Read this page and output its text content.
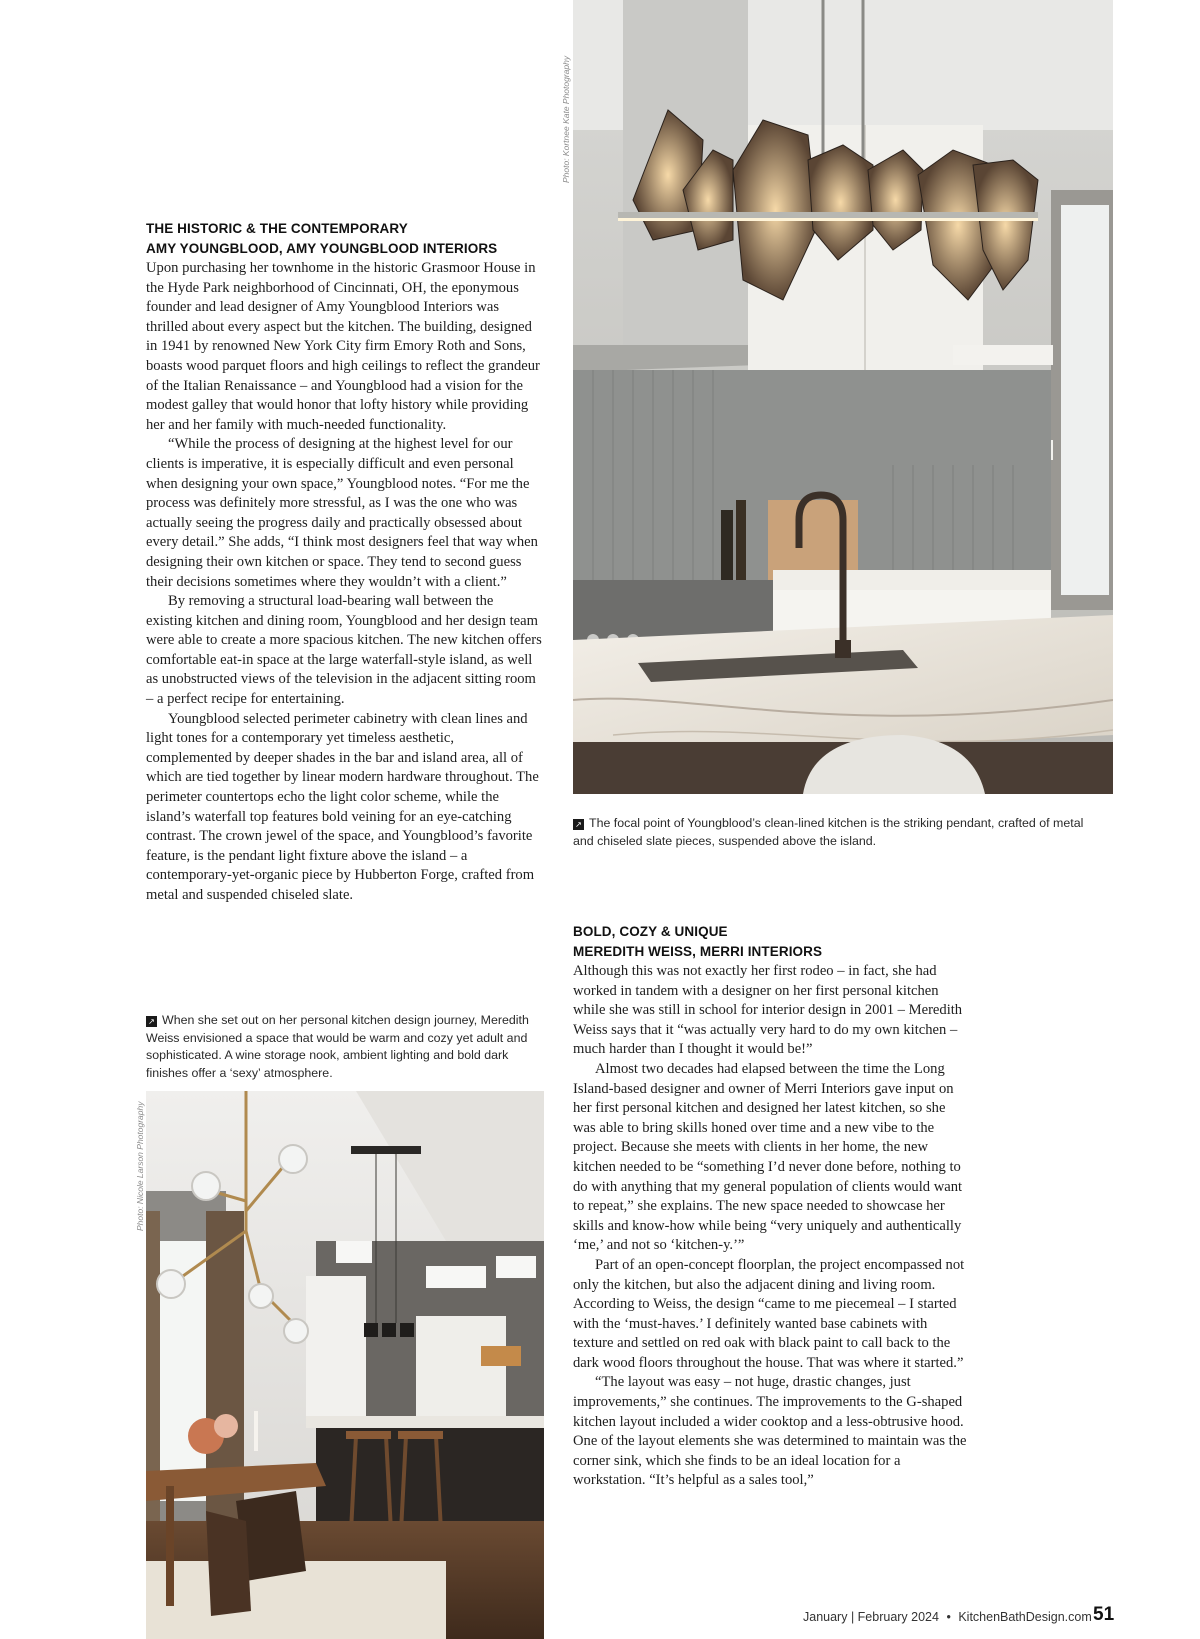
THE HISTORIC & THE CONTEMPORARY
AMY YOUNGBLOOD, AMY YOUNGBLOOD INTERIORS

Upon purchasing her townhome in the historic Grasmoor House in the Hyde Park neighborhood of Cincinnati, OH, the eponymous founder and lead designer of Amy Youngblood Interiors was thrilled about every aspect but the kitchen. The building, designed in 1941 by renowned New York City firm Emory Roth and Sons, boasts wood parquet floors and high ceilings to reflect the grandeur of the Italian Renaissance – and Youngblood had a vision for the modest galley that would honor that lofty history while providing her and her family with much-needed functionality.

“While the process of designing at the highest level for our clients is imperative, it is especially difficult and even personal when designing your own space,” Youngblood notes. “For me the process was definitely more stressful, as I was the one who was actually seeing the progress daily and practically obsessed about every detail.” She adds, “I think most designers feel that way when designing their own kitchen or space. They tend to second guess their decisions sometimes where they wouldn’t with a client.”

By removing a structural load-bearing wall between the existing kitchen and dining room, Youngblood and her design team were able to create a more spacious kitchen. The new kitchen offers comfortable eat-in space at the large waterfall-style island, as well as unobstructed views of the television in the adjacent sitting room – a perfect recipe for entertaining.

Youngblood selected perimeter cabinetry with clean lines and light tones for a contemporary yet timeless aesthetic, complemented by deeper shades in the bar and island area, all of which are tied together by linear modern hardware throughout. The perimeter countertops echo the light color scheme, while the island’s waterfall top features bold veining for an eye-catching contrast. The crown jewel of the space, and Youngblood’s favorite feature, is the pendant light fixture above the island – a contemporary-yet-organic piece by Hubberton Forge, crafted from metal and suspended chiseled slate.

Photo: Kortnee Kate Photography
↗ The focal point of Youngblood’s clean-lined kitchen is the striking pendant, crafted of metal and chiseled slate pieces, suspended above the island.
↗ When she set out on her personal kitchen design journey, Meredith Weiss envisioned a space that would be warm and cozy yet adult and sophisticated. A wine storage nook, ambient lighting and bold dark finishes offer a ‘sexy’ atmosphere.
Photo: Nicole Larson Photography
BOLD, COZY & UNIQUE
MEREDITH WEISS, MERRI INTERIORS

Although this was not exactly her first rodeo – in fact, she had worked in tandem with a designer on her first personal kitchen while she was still in school for interior design in 2001 – Meredith Weiss says that it “was actually very hard to do my own kitchen – much harder than I thought it would be!”

Almost two decades had elapsed between the time the Long Island-based designer and owner of Merri Interiors gave input on her first personal kitchen and designed her latest kitchen, so she was able to bring skills honed over time and a new vibe to the project. Because she meets with clients in her home, the new kitchen needed to be “something I’d never done before, nothing to do with anything that my general population of clients would want to repeat,” she explains. The new space needed to showcase her skills and know-how while being “very uniquely and authentically ‘me,’ and not so ‘kitchen-y.’”

Part of an open-concept floorplan, the project encompassed not only the kitchen, but also the adjacent dining and living room. According to Weiss, the design “came to me piecemeal – I started with the ‘must-haves.’ I definitely wanted base cabinets with texture and settled on red oak with black paint to call back to the dark wood floors throughout the house. That was where it started.”

“The layout was easy – not huge, drastic changes, just improvements,” she continues. The improvements to the G-shaped kitchen layout included a wider cooktop and a less-obtrusive hood. One of the layout elements she was determined to maintain was the corner sink, which she finds to be an ideal location for a workstation. “It’s helpful as a sales tool,”

January | February 2024 • KitchenBathDesign.com 51
